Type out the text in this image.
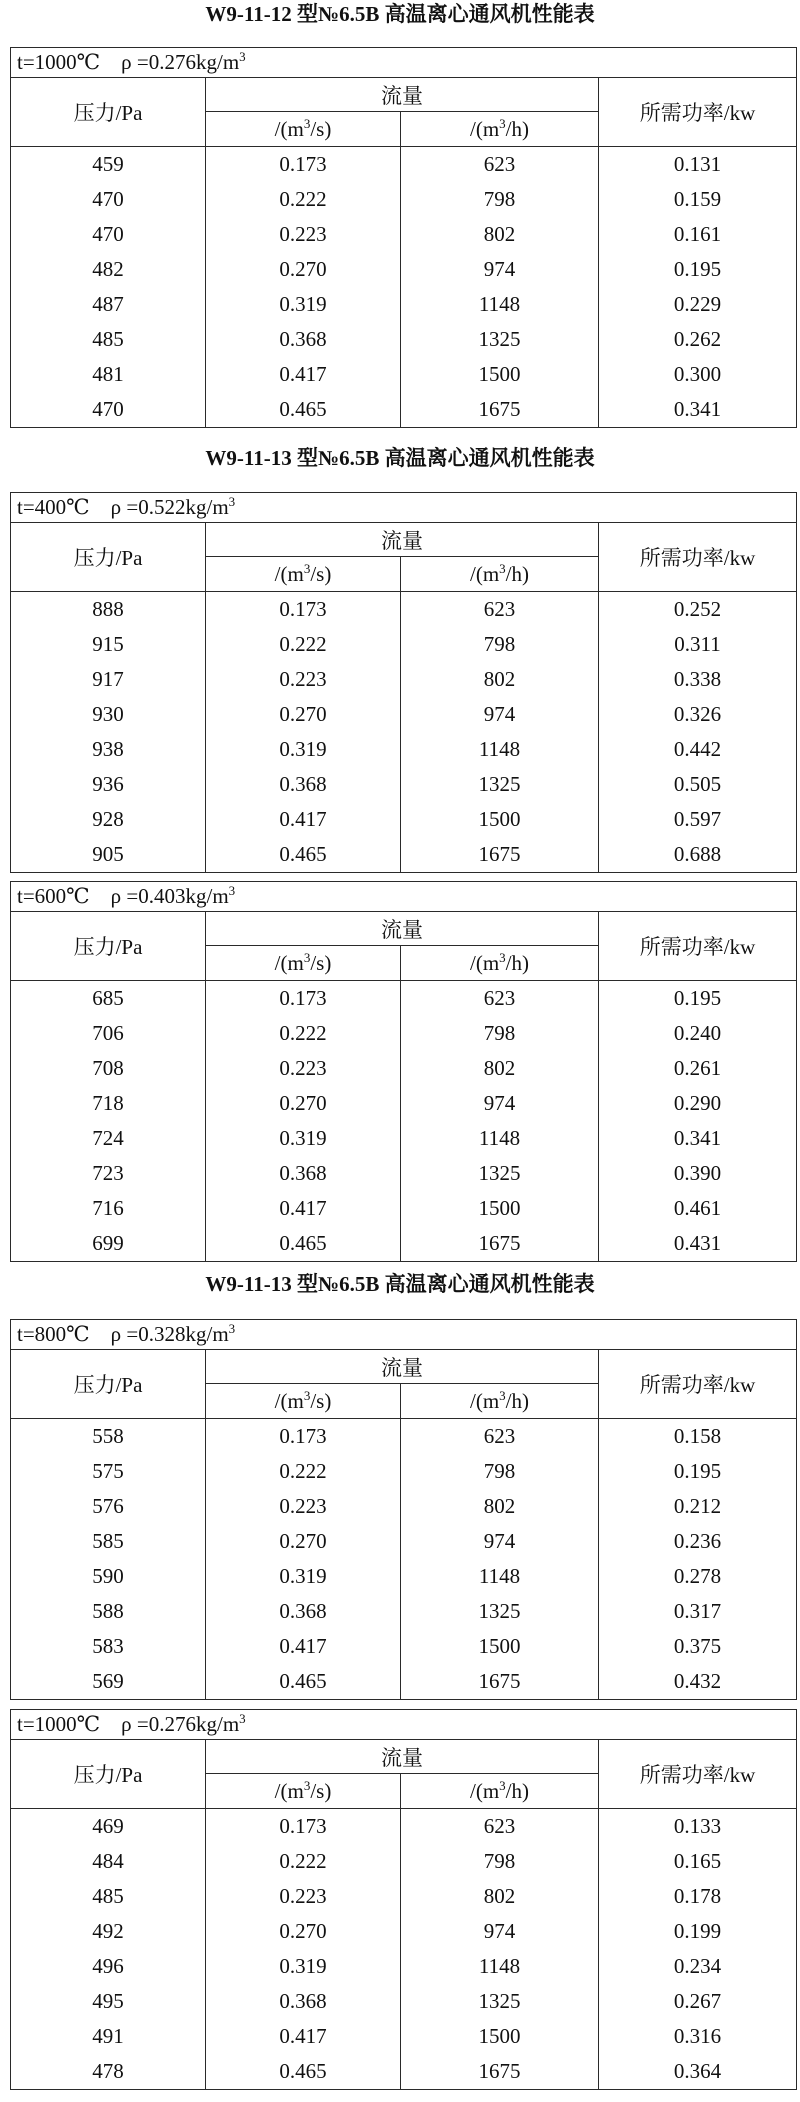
W9-11-12 型№6.5B 高温离心通风机性能表
t=1000℃ $\rho =0.276kg/m^3$
压力/Pa	流量		所需功率/kw
	$/(m^3/s)$	$/(m^3/h)$	
459	0.173	623	0.131
470	0.222	798	0.159
470	0.223	802	0.161
482	0.270	974	0.195
487	0.319	1148	0.229
485	0.368	1325	0.262
481	0.417	1500	0.300
470	0.465	1675	0.341
W9-11-13 型№6.5B 高温离心通风机性能表
t=400℃ $\rho =0.522kg/m^3$
压力/Pa	流量		所需功率/kw
	$/(m^3/s)$	$/(m^3/h)$	
888	0.173	623	0.252
915	0.222	798	0.311
917	0.223	802	0.338
930	0.270	974	0.326
938	0.319	1148	0.442
936	0.368	1325	0.505
928	0.417	1500	0.597
905	0.465	1675	0.688
t=600℃ $\rho =0.403kg/m^3$
压力/Pa	流量		所需功率/kw
	$/(m^3/s)$	$/(m^3/h)$	
685	0.173	623	0.195
706	0.222	798	0.240
708	0.223	802	0.261
718	0.270	974	0.290
724	0.319	1148	0.341
723	0.368	1325	0.390
716	0.417	1500	0.461
699	0.465	1675	0.431
W9-11-13 型№6.5B 高温离心通风机性能表
t=800℃ $\rho =0.328kg/m^3$
压力/Pa	流量		所需功率/kw
	$/(m^3/s)$	$/(m^3/h)$	
558	0.173	623	0.158
575	0.222	798	0.195
576	0.223	802	0.212
585	0.270	974	0.236
590	0.319	1148	0.278
588	0.368	1325	0.317
583	0.417	1500	0.375
569	0.465	1675	0.432
t=1000℃ $\rho =0.276kg/m^3$
压力/Pa	流量		所需功率/kw
	$/(m^3/s)$	$/(m^3/h)$	
469	0.173	623	0.133
484	0.222	798	0.165
485	0.223	802	0.178
492	0.270	974	0.199
496	0.319	1148	0.234
495	0.368	1325	0.267
491	0.417	1500	0.316
478	0.465	1675	0.364
